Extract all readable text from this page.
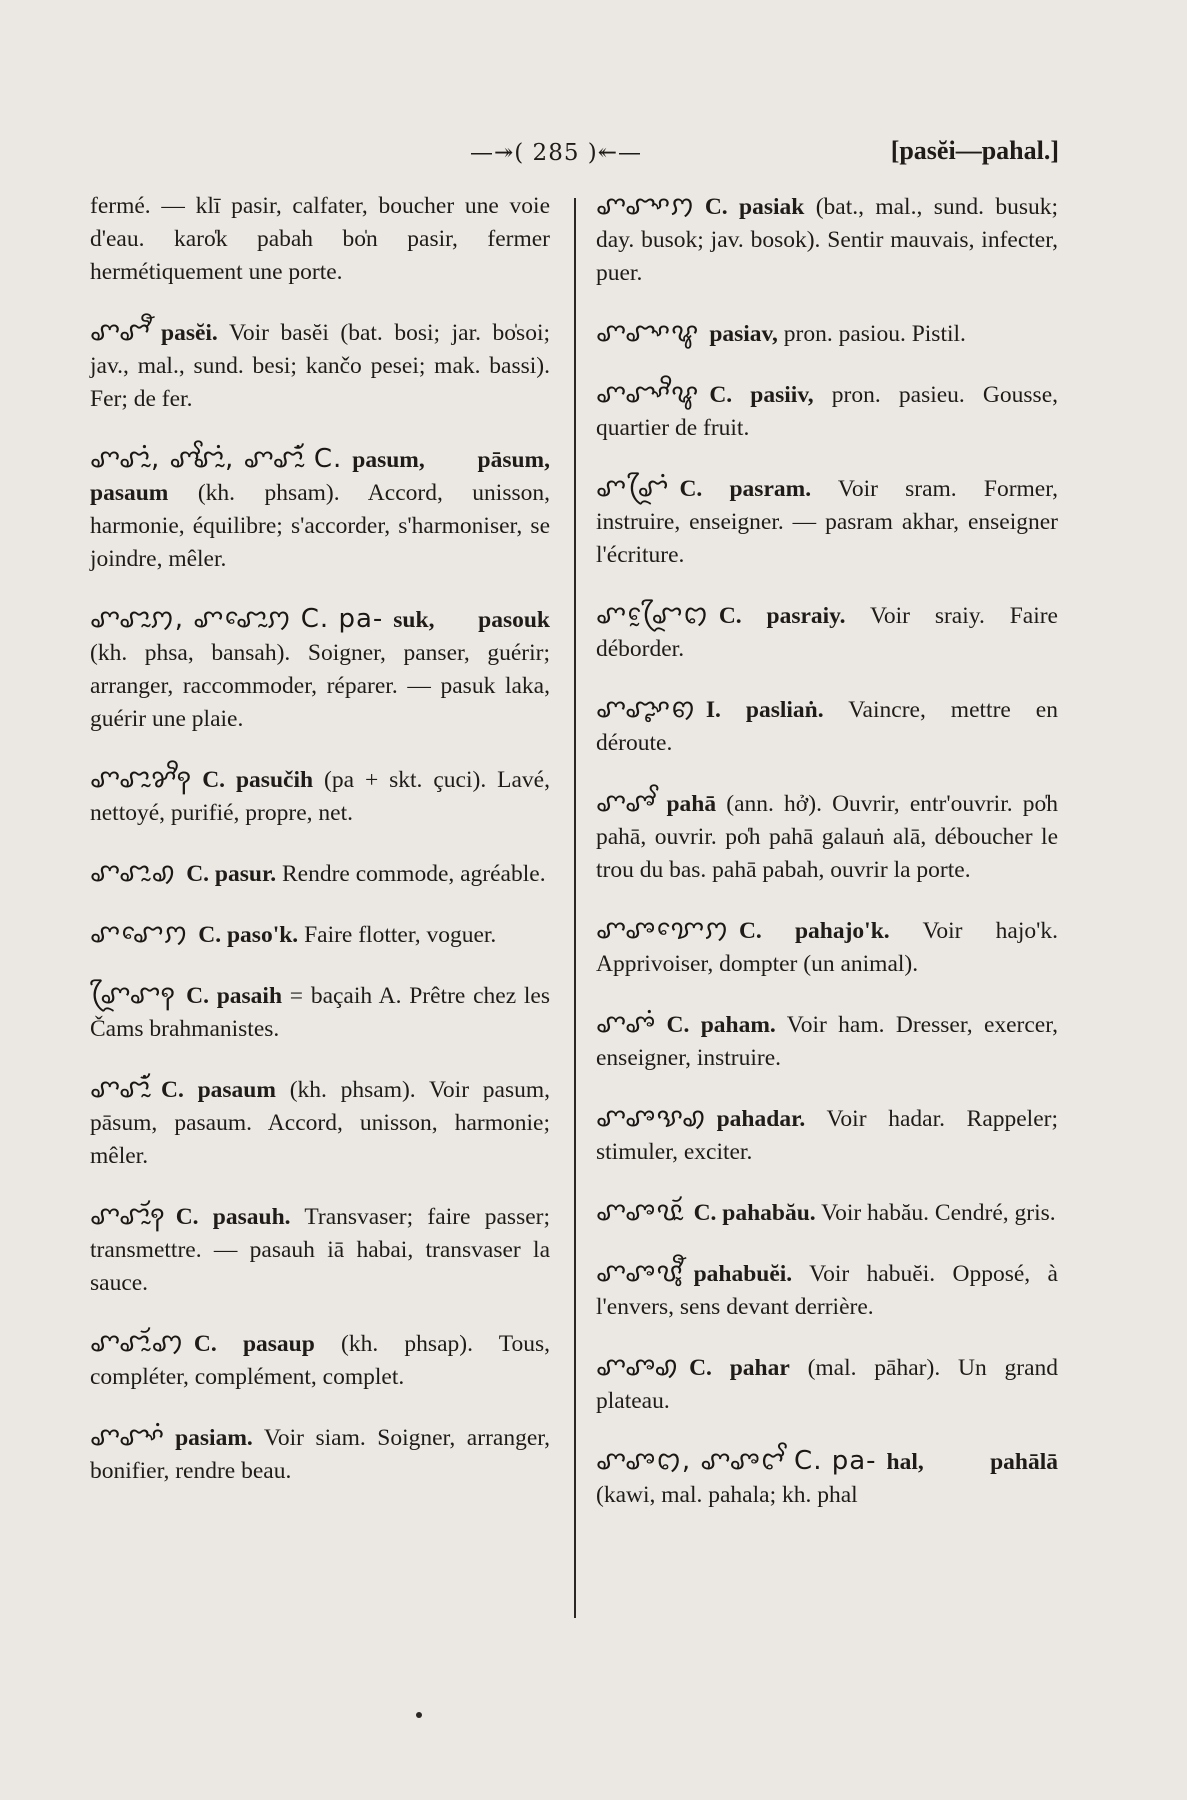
—↠( 285 )↞—	[pasĕi—pahal.]

fermé. — klī pasir, calfater, boucher une voie d'eau. karo̍k pabah bo̍n pasir, fermer hermétiquement une porte.

ꨚꨧꨬ pasĕi. Voir basĕi (bat. bosi; jar. bo̍soi; jav., mal., sund. besi; kančo pesei; mak. bassi). Fer; de fer.

ꨚꨧꨭꩌ, ꨚꨩꨧꨭꩌ, ꨚꨧꨮꨭꩌ C. pasum, pāsum, pasaum (kh. phsam). Accord, unisson, harmonie, équilibre; s'accorder, s'harmoniser, se joindre, mêler.

ꨚꨧꨭꩀ, ꨚꨧꨯꨭꩀ C. pa- suk, pasouk (kh. phsa, bansah). Soigner, panser, guérir; arranger, raccommoder, réparer. — pasuk laka, guérir une plaie.

ꨚꨧꨭꨌꨪꩍ C. pasučih (pa + skt. çuci). Lavé, nettoyé, purifié, propre, net.

ꨚꨧꨭꩉ C. pasur. Rendre commode, agréable.

ꨚꨧꨯꩀ C. paso'k. Faire flotter, voguer.

ꨚꨴꨧꩍ C. pasaih = baçaih A. Prêtre chez les Čams brahmanistes.

ꨚꨧꨮꨭꩌ C. pasaum (kh. phsam). Voir pasum, pāsum, pasaum. Accord, unisson, harmonie; mêler.

ꨚꨧꨮꨭꩍ C. pasauh. Transvaser; faire passer; transmettre. — pasauh iā habai, transvaser la sauce.

ꨚꨧꨮꨭꩇ C. pasaup (kh. phsap). Tous, compléter, complément, complet.

ꨚꨧꨳꩌ pasiam. Voir siam. Soigner, arranger, bonifier, rendre beau.

ꨚꨧꨳꩀ C. pasiak (bat., mal., sund. busuk; day. busok; jav. bosok). Sentir mauvais, infecter, puer.

ꨚꨧꨳꨥ pasiav, pron. pasiou. Pistil.

ꨚꨧꨳꨪꨥ C. pasiiv, pron. pasieu. Gousse, quartier de fruit.

ꨚꨧꨴꩌ C. pasram. Voir sram. Former, instruire, enseigner. — pasram akhar, enseigner l'écriture.

ꨚꨧꨴꨰꩊ C. pasraiy. Voir sraiy. Faire déborder.

ꨚꨧꨵꨳꩅ I. pasliaṅ. Vaincre, mettre en déroute.

ꨚꨨꨩ pahā (ann. hở). Ouvrir, entr'ouvrir. po̍h pahā, ouvrir. po̍h pahā galauṅ alā, déboucher le trou du bas. pahā pabah, ouvrir la porte.

ꨚꨨꨢꨯꩀ C. pahajo'k. Voir hajo'k. Apprivoiser, dompter (un animal).

ꨚꨨꩌ C. paham. Voir ham. Dresser, exercer, enseigner, instruire.

ꨚꨨꨕꩉ pahadar. Voir hadar. Rappeler; stimuler, exciter.

ꨚꨨꨝꨮꨭ C. pahabău. Voir habău. Cendré, gris.

ꨚꨨꨝꨶꨬ pahabuĕi. Voir habuĕi. Opposé, à l'envers, sens devant derrière.

ꨚꨨꩉ C. pahar (mal. pāhar). Un grand plateau.

ꨚꨨꩊ, ꨚꨨꨤꨩ C. pa- hal, pahālā (kawi, mal. pahala; kh. phal
